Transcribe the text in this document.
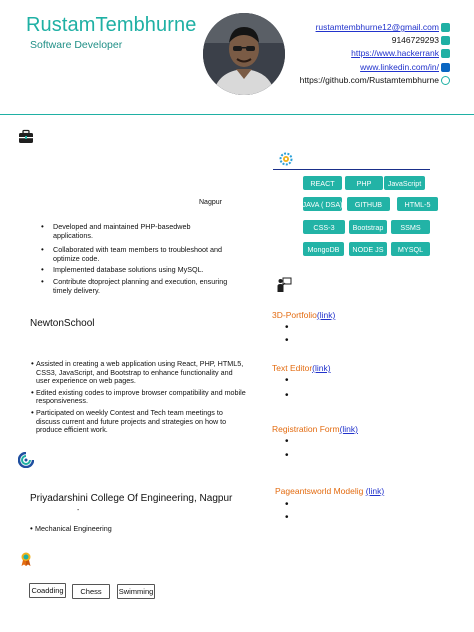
RustamTembhurne
Software Developer
rustamtembhurne12@gmail.com
9146729293
https://www.hackerrank
www.linkedin.com/in/
https://github.com/Rustamtembhurne
Nagpur
• Developed and maintained PHP-basedweb applications.
• Collaborated with team members to troubleshoot and optimize code.
• Implemented database solutions using MySQL.
• Contribute dtoproject planning and execution, ensuring timely delivery.
NewtonSchool
• Assisted in creating a web application using React, PHP, HTML5, CSS3, JavaScript, and Bootstrap to enhance functionality and user experience on web pages.
• Edited existing codes to improve browser compatibility and mobile responsiveness.
• Participated on weekly Contest and Tech team meetings to discuss current and future projects and strategies on how to produce efficient work.
Priyadarshini College Of Engineering, Nagpur
-
• Mechanical Engineering
Coadding	Chess	Swimming
REACT	PHP	JavaScript
JAVA ( DSA)	GITHUB	HTML-5
CSS-3	Bootstrap	SSMS
MongoDB	NODE JS	MYSQL
3D-Portfolio(link)
•
•
Text Editor(link)
•
•
Registration Form(link)
•
•
Pageantsworld Modelig (link)
•
•
